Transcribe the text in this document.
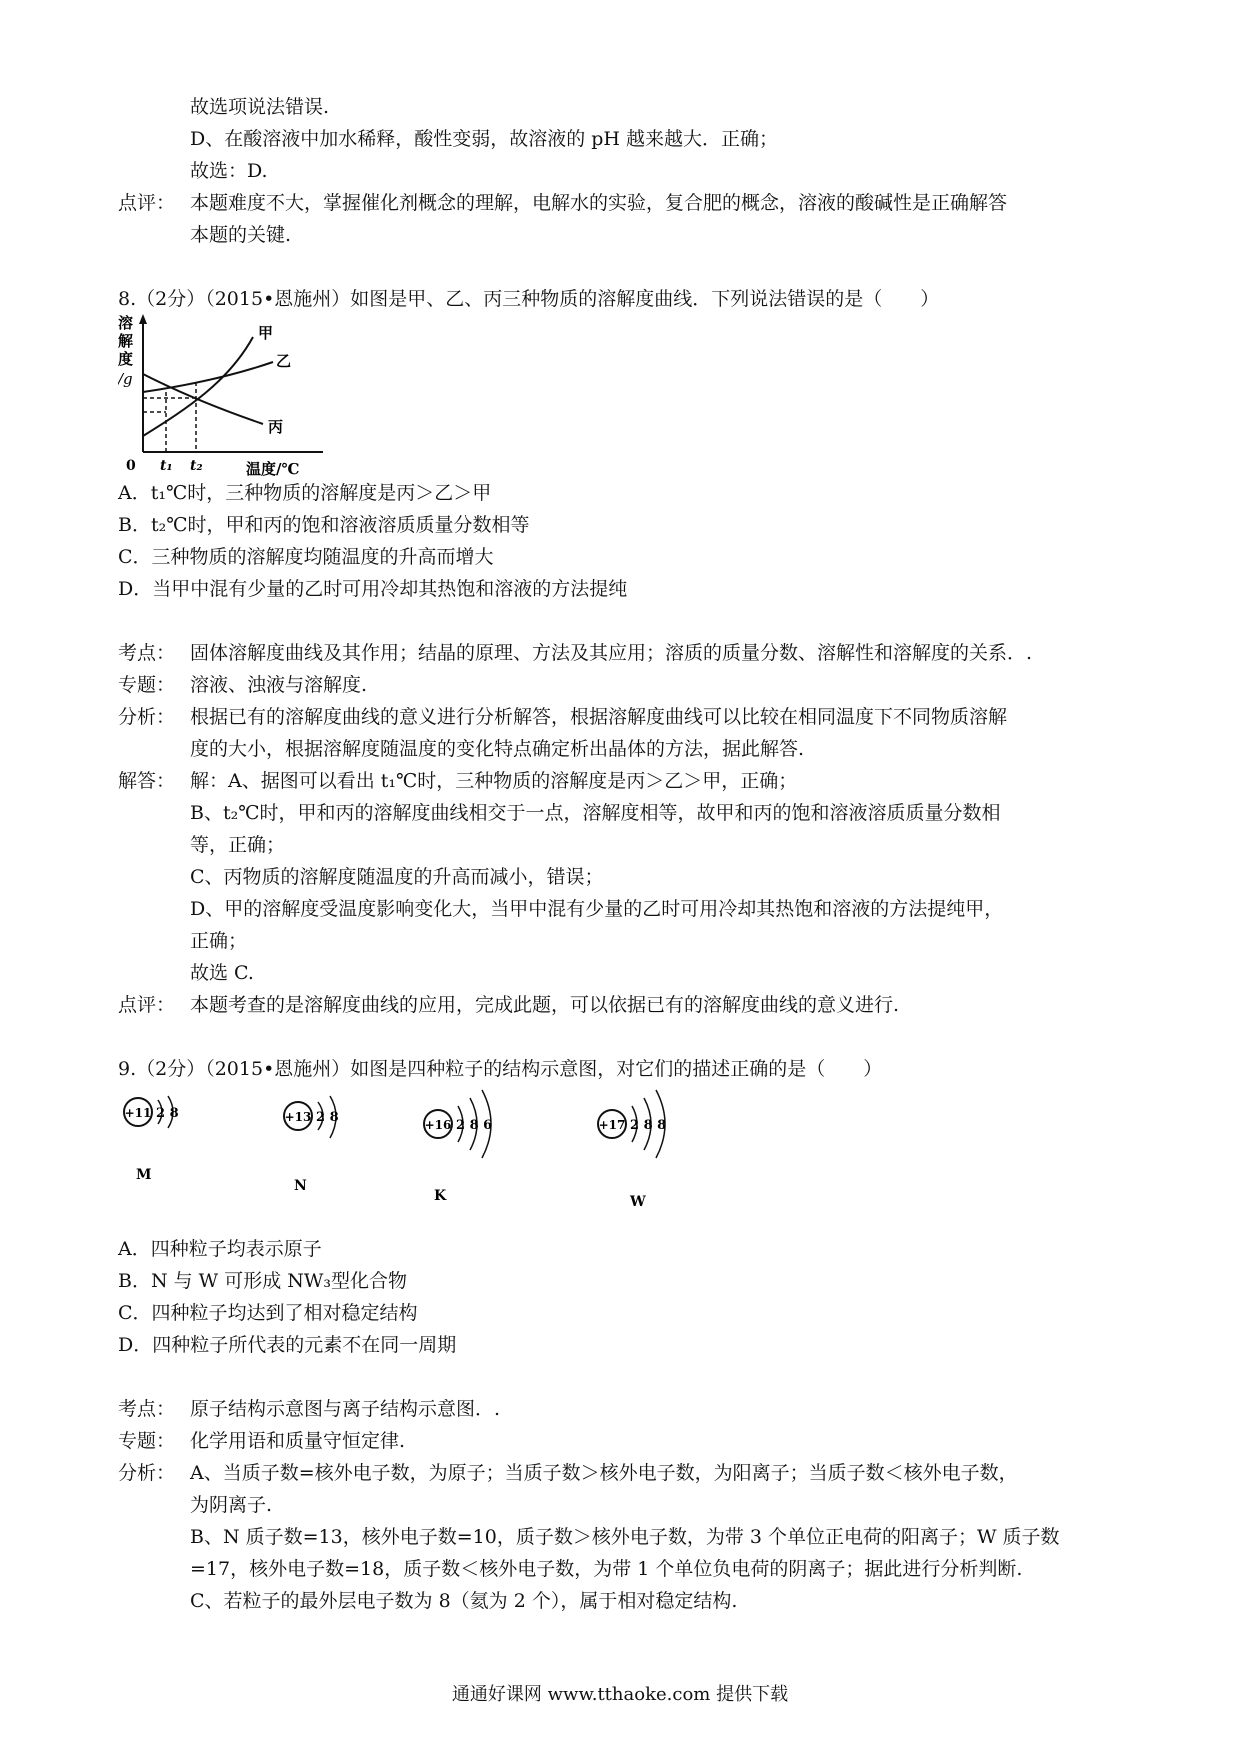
故选项说法错误.
D、在酸溶液中加水稀释，酸性变弱，故溶液的 pH 越来越大．正确；
故选：D.
点评： 本题难度不大，掌握催化剂概念的理解，电解水的实验，复合肥的概念，溶液的酸碱性是正确解答
本题的关键.
8.（2分）（2015•恩施州）如图是甲、乙、丙三种物质的溶解度曲线．下列说法错误的是（　　）
溶
解
度
/g
甲
乙
丙
0 t₁ t₂	温度/℃
A．t₁℃时，三种物质的溶解度是丙＞乙＞甲
B．t₂℃时，甲和丙的饱和溶液溶质质量分数相等
C．三种物质的溶解度均随温度的升高而增大
D．当甲中混有少量的乙时可用冷却其热饱和溶液的方法提纯
考点： 固体溶解度曲线及其作用；结晶的原理、方法及其应用；溶质的质量分数、溶解性和溶解度的关系．.
专题： 溶液、浊液与溶解度.
分析： 根据已有的溶解度曲线的意义进行分析解答，根据溶解度曲线可以比较在相同温度下不同物质溶解
度的大小，根据溶解度随温度的变化特点确定析出晶体的方法，据此解答.
解答： 解：A、据图可以看出 t₁℃时，三种物质的溶解度是丙＞乙＞甲，正确；
B、t₂℃时，甲和丙的溶解度曲线相交于一点，溶解度相等，故甲和丙的饱和溶液溶质质量分数相
等，正确；
C、丙物质的溶解度随温度的升高而减小，错误；
D、甲的溶解度受温度影响变化大，当甲中混有少量的乙时可用冷却其热饱和溶液的方法提纯甲，
正确；
故选 C.
点评： 本题考查的是溶解度曲线的应用，完成此题，可以依据已有的溶解度曲线的意义进行.
9.（2分）（2015•恩施州）如图是四种粒子的结构示意图，对它们的描述正确的是（　　）
+11 2 8
M
+13 2 8
N
+16 2 8 6
K
+17 2 8 8
W
A．四种粒子均表示原子
B．N 与 W 可形成 NW₃型化合物
C．四种粒子均达到了相对稳定结构
D．四种粒子所代表的元素不在同一周期
考点： 原子结构示意图与离子结构示意图．.
专题： 化学用语和质量守恒定律.
分析： A、当质子数=核外电子数，为原子；当质子数＞核外电子数，为阳离子；当质子数＜核外电子数，
为阴离子.
B、N 质子数=13，核外电子数=10，质子数＞核外电子数，为带 3 个单位正电荷的阳离子；W 质子数
=17，核外电子数=18，质子数＜核外电子数，为带 1 个单位负电荷的阴离子；据此进行分析判断.
C、若粒子的最外层电子数为 8（氦为 2 个），属于相对稳定结构.
通通好课网 www.tthaoke.com 提供下载
